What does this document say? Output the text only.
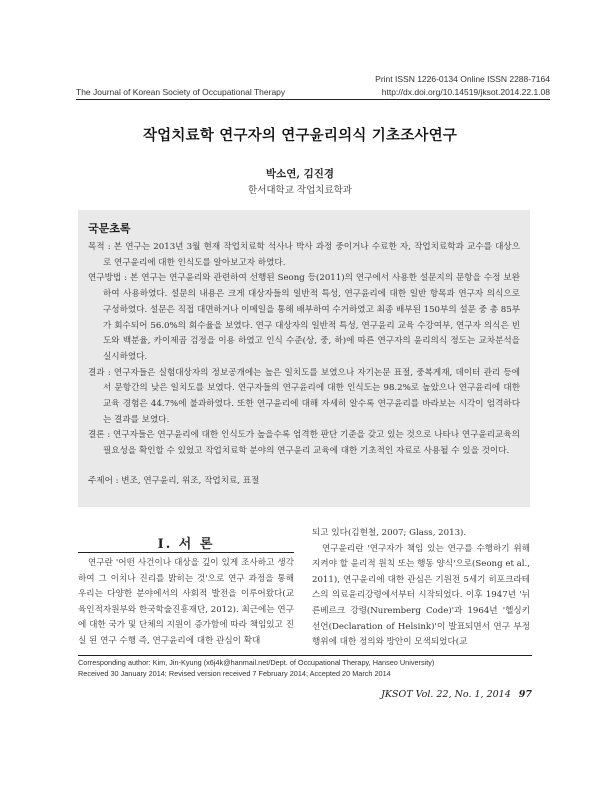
Print ISSN 1226-0134 Online ISSN 2288-7164
The Journal of Korean Society of Occupational Therapy	http://dx.doi.org/10.14519/jksot.2014.22.1.08
작업치료학 연구자의 연구윤리의식 기초조사연구
박소연, 김진경
한서대학교 작업치료학과
국문초록

목적 : 본 연구는 2013년 3월 현재 작업치료학 석사나 박사 과정 중이거나 수료한 자, 작업치료학과 교수를 대상으로 연구윤리에 대한 인식도를 알아보고자 하였다.

연구방법 : 본 연구는 연구윤리와 관련하여 선행된 Seong 등(2011)의 연구에서 사용한 설문지의 문항을 수정 보완하여 사용하였다. 설문의 내용은 크게 대상자들의 일반적 특성, 연구윤리에 대한 일반 항목과 연구자 의식으로 구성하였다. 설문은 직접 대면하거나 이메일을 통해 배부하여 수거하였고 최종 배부된 150부의 설문 중 총 85부가 회수되어 56.0%의 회수율을 보였다. 연구 대상자의 일반적 특성, 연구윤리 교육 수강여부, 연구자 의식은 빈도와 백분율, 카이제곱 검정을 이용 하였고 인식 수준(상, 중, 하)에 따른 연구자의 윤리의식 정도는 교차분석을 실시하였다.

결과 : 연구자들은 실험대상자의 정보공개에는 높은 일치도를 보였으나 자기논문 표절, 중복게재, 데이터 관리 등에서 문항간의 낮은 일치도를 보였다. 연구자들의 연구윤리에 대한 인식도는 98.2%로 높았으나 연구윤리에 대한 교육 경험은 44.7%에 불과하였다. 또한 연구윤리에 대해 자세히 알수록 연구윤리를 바라보는 시각이 엄격하다는 결과를 보였다.

결론 : 연구자들은 연구윤리에 대한 인식도가 높을수록 엄격한 판단 기준을 갖고 있는 것으로 나타나 연구윤리교육의 필요성을 확인할 수 있었고 작업치료학 분야의 연구윤리 교육에 대한 기초적인 자료로 사용될 수 있을 것이다.

주제어 : 변조, 연구윤리, 위조, 작업치료, 표절
Ⅰ. 서 론

연구란 '어떤 사건이나 대상을 깊이 있게 조사하고 생각하여 그 이치나 진리를 밝히는 것'으로 연구 과정을 통해 우리는 다양한 분야에서의 사회적 발전을 이루어왔다(교육인적자원부와 한국학술진흥재단, 2012). 최근에는 연구에 대한 국가 및 단체의 지원이 증가함에 따라 책임있고 진실 된 연구 수행 즉, 연구윤리에 대한 관심이 확대

되고 있다(김현철, 2007; Glass, 2013).

연구윤리란 '연구자가 책임 있는 연구를 수행하기 위해 지켜야 할 윤리적 원칙 또는 행동 양식'으로(Seong et al., 2011), 연구윤리에 대한 관심은 기원전 5세기 히포크라테스의 의료윤리강령에서부터 시작되었다. 이후 1947년 '뉘른베르크 강령(Nuremberg Code)'과 1964년 '헬싱키 선언(Declaration of Helsink)'이 발표되면서 연구 부정행위에 대한 정의와 방안이 모색되었다(교

Corresponding author: Kim, Jin-Kyung (x6j4k@hanmail.net/Dept. of Occupational Therapy, Hanseo University)
Received 30 January 2014; Revised version received 7 February 2014; Accepted 20 March 2014
JKSOT Vol. 22, No. 1, 2014 97
